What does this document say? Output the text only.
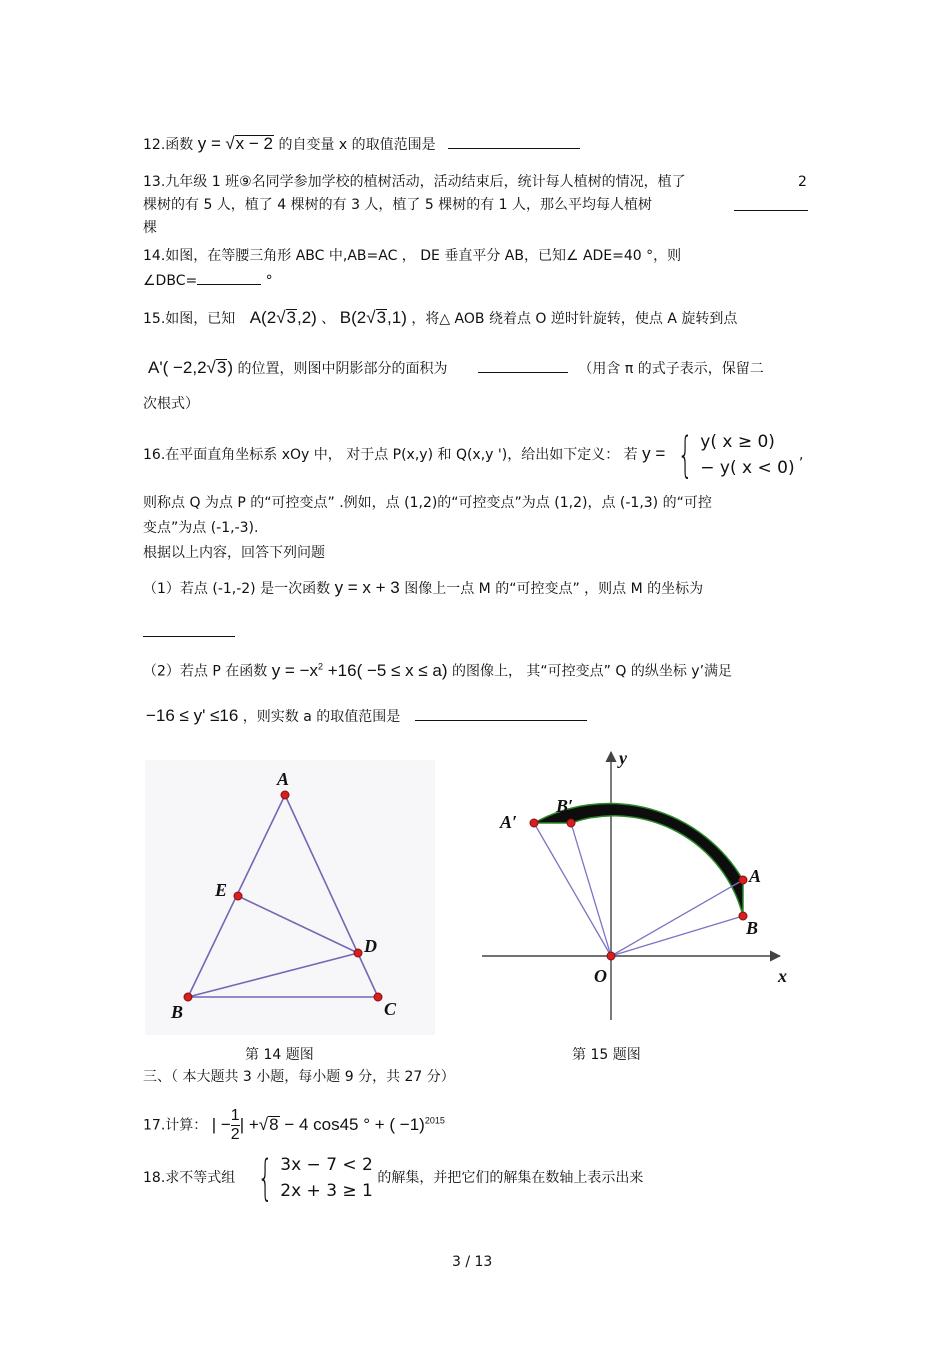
12.函数 y = √x − 2 的自变量 x 的取值范围是
13.九年级 1 班⑨名同学参加学校的植树活动，活动结束后，统计每人植树的情况，植了	2
棵树的有 5 人，植了 4 棵树的有 3 人，植了 5 棵树的有 1 人，那么平均每人植树
棵
14.如图，在等腰三角形 ABC 中,AB=AC ， DE 垂直平分 AB，已知∠ ADE=40 °，则
∠DBC=	°
15.如图，已知 A(2√3,2) 、 B(2√3,1) ，将△ AOB 绕着点 O 逆时针旋转，使点 A 旋转到点
A'( −2,2√3) 的位置，则图中阴影部分的面积为	（用含 π 的式子表示，保留二
次根式）
16.在平面直角坐标系 xOy 中， 对于点 P(x,y) 和 Q(x,y ')，给出如下定义： 若 y = { y( x ≥ 0)
− y( x < 0)
,
则称点 Q 为点 P 的“可控变点” .例如，点 (1,2)的“可控变点”为点 (1,2)，点 (-1,3) 的“可控
变点”为点 (-1,-3).
根据以上内容，回答下列问题
（1）若点 (-1,-2) 是一次函数 y = x + 3 图像上一点 M 的“可控变点” ，则点 M 的坐标为
（2）若点 P 在函数 $y = -x^2 +16( -5 \le x \le a)$ 的图像上， 其“可控变点” Q 的纵坐标 y’满足
−16 ≤ y' ≤16 ，则实数 a 的取值范围是
A
E
D
B	C
第 14 题图
A′
B′
A
B
O	x
y
第 15 题图
三、（ 本大题共 3 小题，每小题 9 分，共 27 分）
17.计算： | − $\frac{1}{2}$ | +√8 − 4 cos45 ° + ( −1)$^{2015}$
18.求不等式组 { 3x − 7 < 2
2x + 3 ≥ 1
的解集，并把它们的解集在数轴上表示出来
3 / 13
